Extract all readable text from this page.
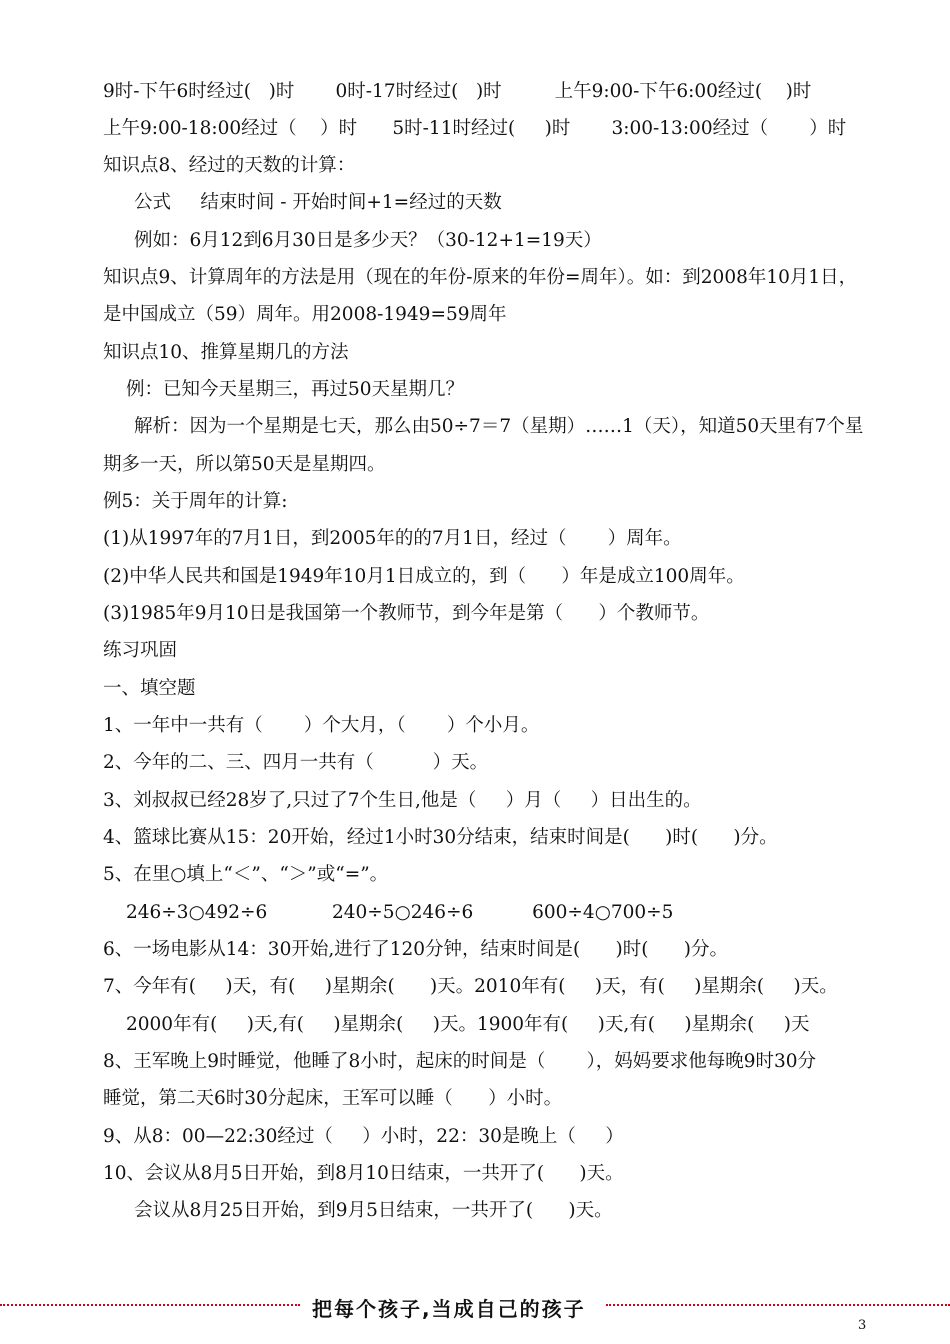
9时-下午6时经过(   )时       0时-17时经过(   )时         上午9:00-下午6:00经过(    )时
上午9:00-18:00经过（    ）时      5时-11时经过(     )时       3:00-13:00经过（       ）时
知识点8、经过的天数的计算：
公式     结束时间 - 开始时间+1=经过的天数
例如：6月12到6月30日是多少天？（30-12+1=19天）
知识点9、计算周年的方法是用（现在的年份-原来的年份=周年）。如：到2008年10月1日，
是中国成立（59）周年。用2008-1949=59周年
知识点10、推算星期几的方法
例：已知今天星期三，再过50天星期几？
解析：因为一个星期是七天，那么由50÷7＝7（星期）……1（天），知道50天里有7个星
期多一天，所以第50天是星期四。
例5：关于周年的计算:
(1)从1997年的7月1日，到2005年的的7月1日，经过（       ）周年。
(2)中华人民共和国是1949年10月1日成立的，到（      ）年是成立100周年。
(3)1985年9月10日是我国第一个教师节，到今年是第（      ）个教师节。
练习巩固
一、填空题
1、一年中一共有（       ）个大月，（       ）个小月。
2、今年的二、三、四月一共有（          ）天。
3、刘叔叔已经28岁了,只过了7个生日,他是（     ）月（     ）日出生的。
4、篮球比赛从15：20开始，经过1小时30分结束，结束时间是(      )时(      )分。
5、在里○填上“＜”、“＞”或“=”。
246÷3○492÷6           240÷5○246÷6          600÷4○700÷5
6、一场电影从14：30开始,进行了120分钟，结束时间是(      )时(      )分。
7、今年有(     )天，有(     )星期余(      )天。2010年有(     )天，有(     )星期余(     )天。
2000年有(     )天,有(     )星期余(     )天。1900年有(     )天,有(     )星期余(     )天
8、王军晚上9时睡觉，他睡了8小时，起床的时间是（       ），妈妈要求他每晚9时30分
睡觉，第二天6时30分起床，王军可以睡（      ）小时。
9、从8：00—22:30经过（     ）小时，22：30是晚上（     ）
10、会议从8月5日开始，到8月10日结束，一共开了(      )天。
会议从8月25日开始，到9月5日结束，一共开了(      )天。
把每个孩子,当成自己的孩子
3
